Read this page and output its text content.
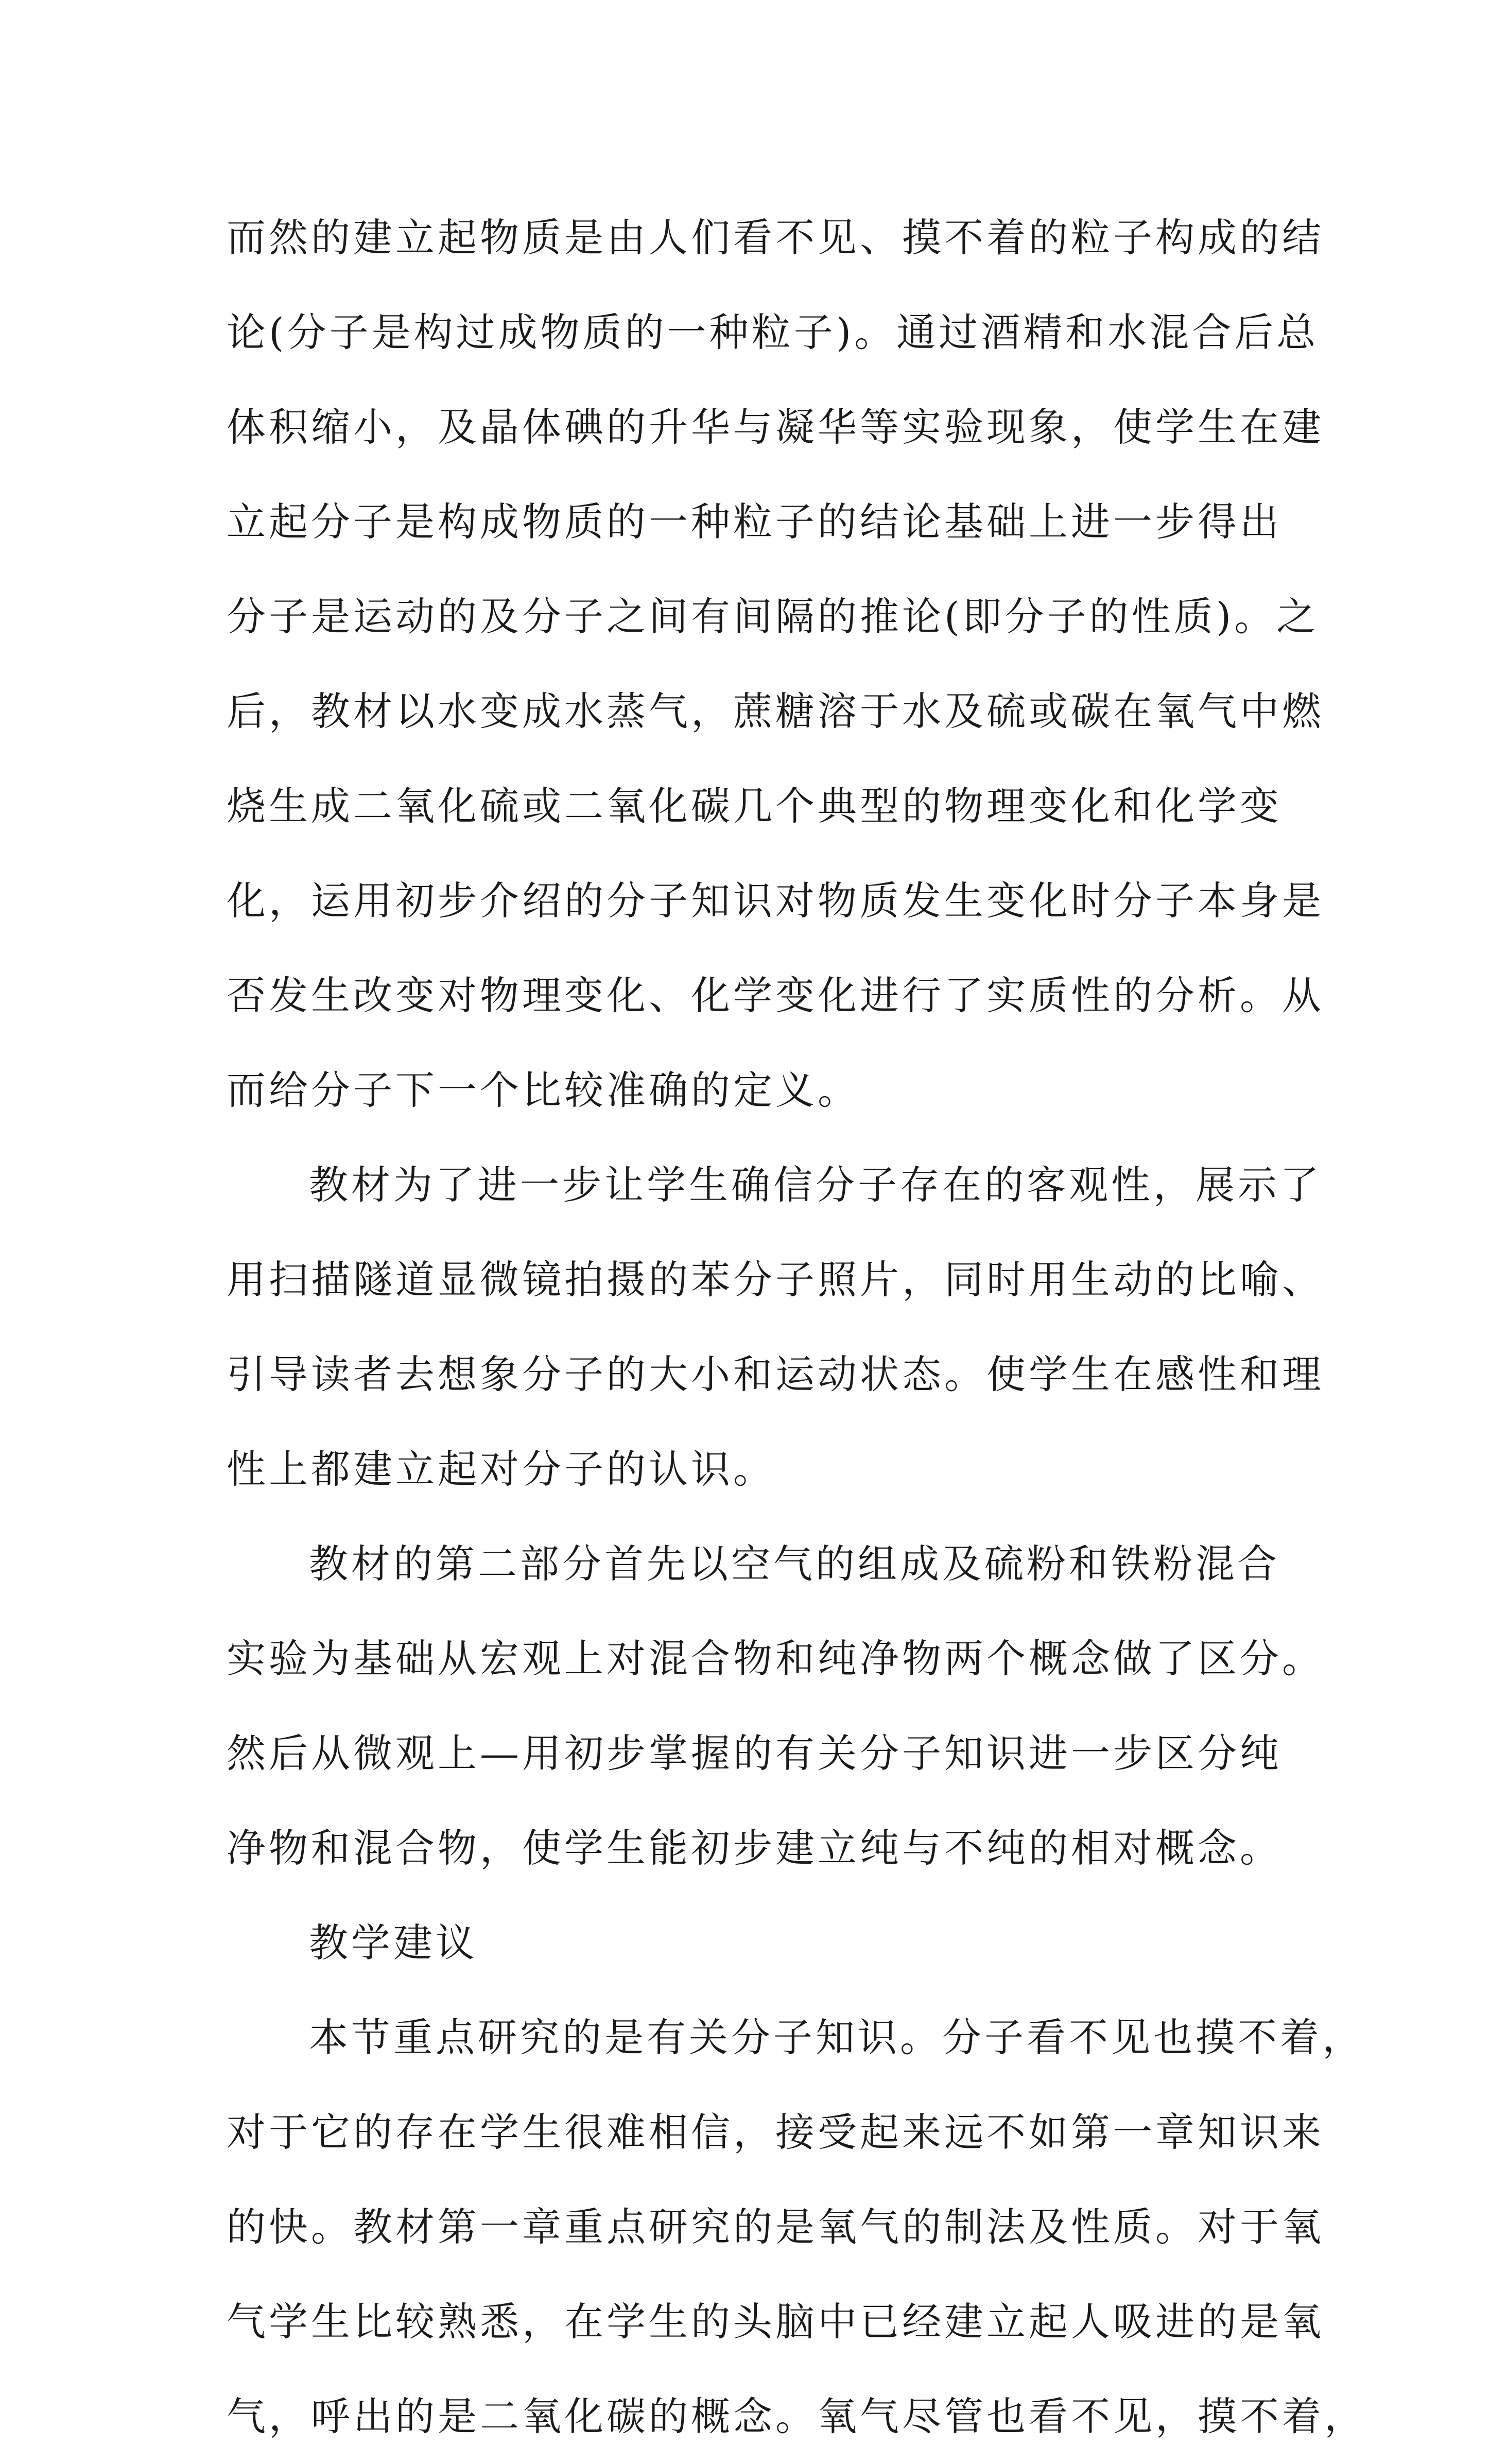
而然的建立起物质是由人们看不见、摸不着的粒子构成的结
论(分子是构过成物质的一种粒子)。通过酒精和水混合后总
体积缩小，及晶体碘的升华与凝华等实验现象，使学生在建
立起分子是构成物质的一种粒子的结论基础上进一步得出
分子是运动的及分子之间有间隔的推论(即分子的性质)。之
后，教材以水变成水蒸气，蔗糖溶于水及硫或碳在氧气中燃
烧生成二氧化硫或二氧化碳几个典型的物理变化和化学变
化，运用初步介绍的分子知识对物质发生变化时分子本身是
否发生改变对物理变化、化学变化进行了实质性的分析。从
而给分子下一个比较准确的定义。
教材为了进一步让学生确信分子存在的客观性，展示了
用扫描隧道显微镜拍摄的苯分子照片，同时用生动的比喻、
引导读者去想象分子的大小和运动状态。使学生在感性和理
性上都建立起对分子的认识。
教材的第二部分首先以空气的组成及硫粉和铁粉混合
实验为基础从宏观上对混合物和纯净物两个概念做了区分。
然后从微观上—用初步掌握的有关分子知识进一步区分纯
净物和混合物，使学生能初步建立纯与不纯的相对概念。
教学建议
本节重点研究的是有关分子知识。分子看不见也摸不着，
对于它的存在学生很难相信，接受起来远不如第一章知识来
的快。教材第一章重点研究的是氧气的制法及性质。对于氧
气学生比较熟悉，在学生的头脑中已经建立起人吸进的是氧
气，呼出的是二氧化碳的概念。氧气尽管也看不见，摸不着，
